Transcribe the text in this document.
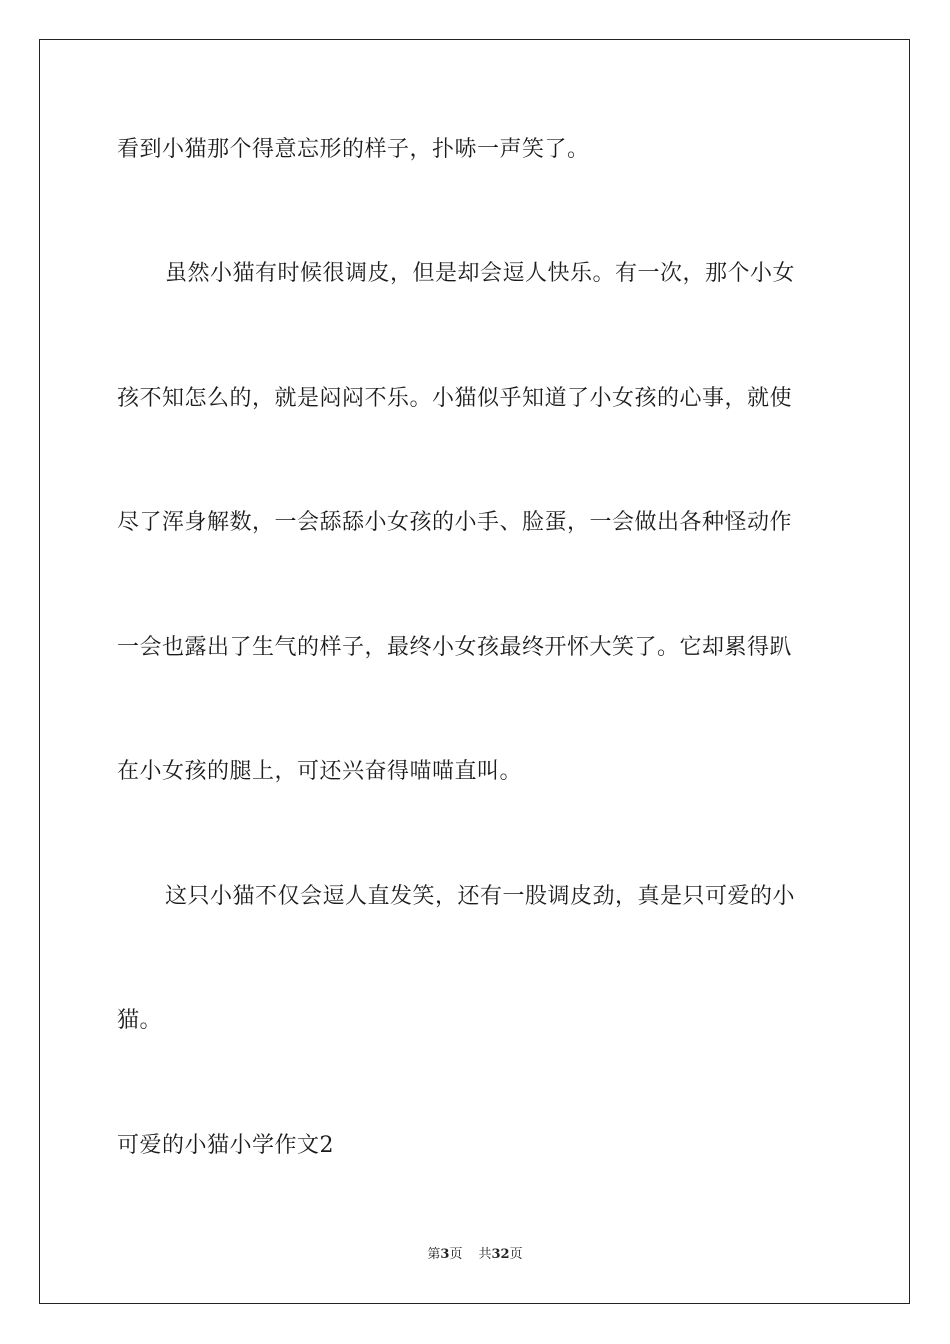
看到小猫那个得意忘形的样子，扑哧一声笑了。
虽然小猫有时候很调皮，但是却会逗人快乐。有一次，那个小女
孩不知怎么的，就是闷闷不乐。小猫似乎知道了小女孩的心事，就使
尽了浑身解数，一会舔舔小女孩的小手、脸蛋，一会做出各种怪动作
一会也露出了生气的样子，最终小女孩最终开怀大笑了。它却累得趴
在小女孩的腿上，可还兴奋得喵喵直叫。
这只小猫不仅会逗人直发笑，还有一股调皮劲，真是只可爱的小
猫。
可爱的小猫小学作文2
第3页 共32页
